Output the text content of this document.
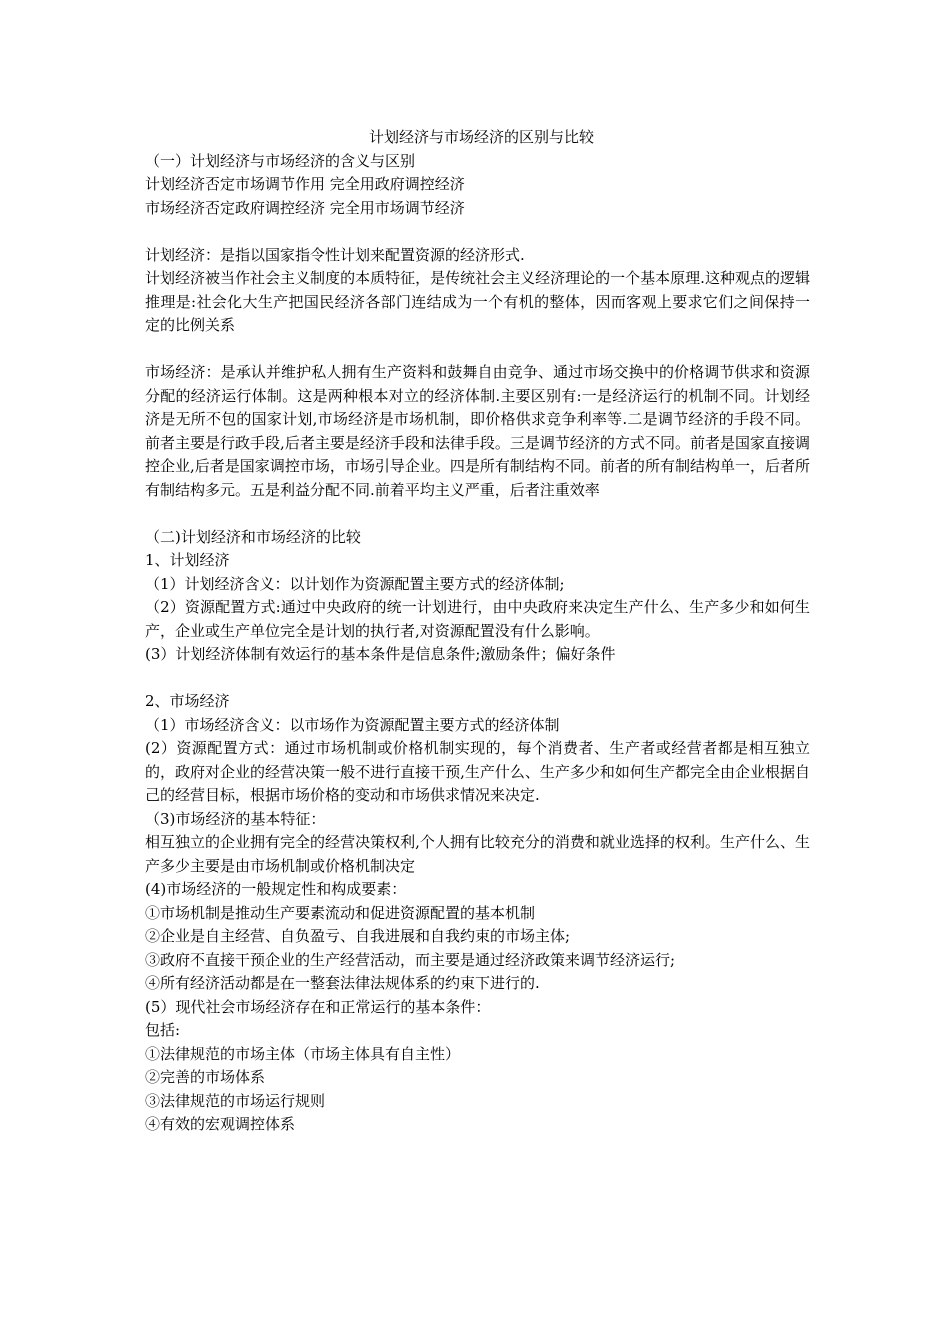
计划经济与市场经济的区别与比较

（一）计划经济与市场经济的含义与区别

计划经济否定市场调节作用 完全用政府调控经济

市场经济否定政府调控经济 完全用市场调节经济

计划经济：是指以国家指令性计划来配置资源的经济形式.

计划经济被当作社会主义制度的本质特征，是传统社会主义经济理论的一个基本原理.这种观点的逻辑推理是:社会化大生产把国民经济各部门连结成为一个有机的整体，因而客观上要求它们之间保持一定的比例关系

市场经济：是承认并维护私人拥有生产资料和鼓舞自由竞争、通过市场交换中的价格调节供求和资源分配的经济运行体制。这是两种根本对立的经济体制.主要区别有:一是经济运行的机制不同。计划经济是无所不包的国家计划,市场经济是市场机制，即价格供求竞争利率等.二是调节经济的手段不同。前者主要是行政手段,后者主要是经济手段和法律手段。三是调节经济的方式不同。前者是国家直接调控企业,后者是国家调控市场，市场引导企业。四是所有制结构不同。前者的所有制结构单一，后者所有制结构多元。五是利益分配不同.前着平均主义严重，后者注重效率

（二)计划经济和市场经济的比较

1、计划经济

（1）计划经济含义：以计划作为资源配置主要方式的经济体制;

（2）资源配置方式:通过中央政府的统一计划进行，由中央政府来决定生产什么、生产多少和如何生产，企业或生产单位完全是计划的执行者,对资源配置没有什么影响。

(3）计划经济体制有效运行的基本条件是信息条件;激励条件；偏好条件

2、市场经济

（1）市场经济含义：以市场作为资源配置主要方式的经济体制

(2）资源配置方式：通过市场机制或价格机制实现的，每个消费者、生产者或经营者都是相互独立的，政府对企业的经营决策一般不进行直接干预,生产什么、生产多少和如何生产都完全由企业根据自己的经营目标，根据市场价格的变动和市场供求情况来决定.

（3)市场经济的基本特征：

相互独立的企业拥有完全的经营决策权利,个人拥有比较充分的消费和就业选择的权利。生产什么、生产多少主要是由市场机制或价格机制决定

(4)市场经济的一般规定性和构成要素：

①市场机制是推动生产要素流动和促进资源配置的基本机制

②企业是自主经营、自负盈亏、自我进展和自我约束的市场主体;

③政府不直接干预企业的生产经营活动，而主要是通过经济政策来调节经济运行;

④所有经济活动都是在一整套法律法规体系的约束下进行的.

(5）现代社会市场经济存在和正常运行的基本条件：

包括:

①法律规范的市场主体（市场主体具有自主性）

②完善的市场体系

③法律规范的市场运行规则

④有效的宏观调控体系
